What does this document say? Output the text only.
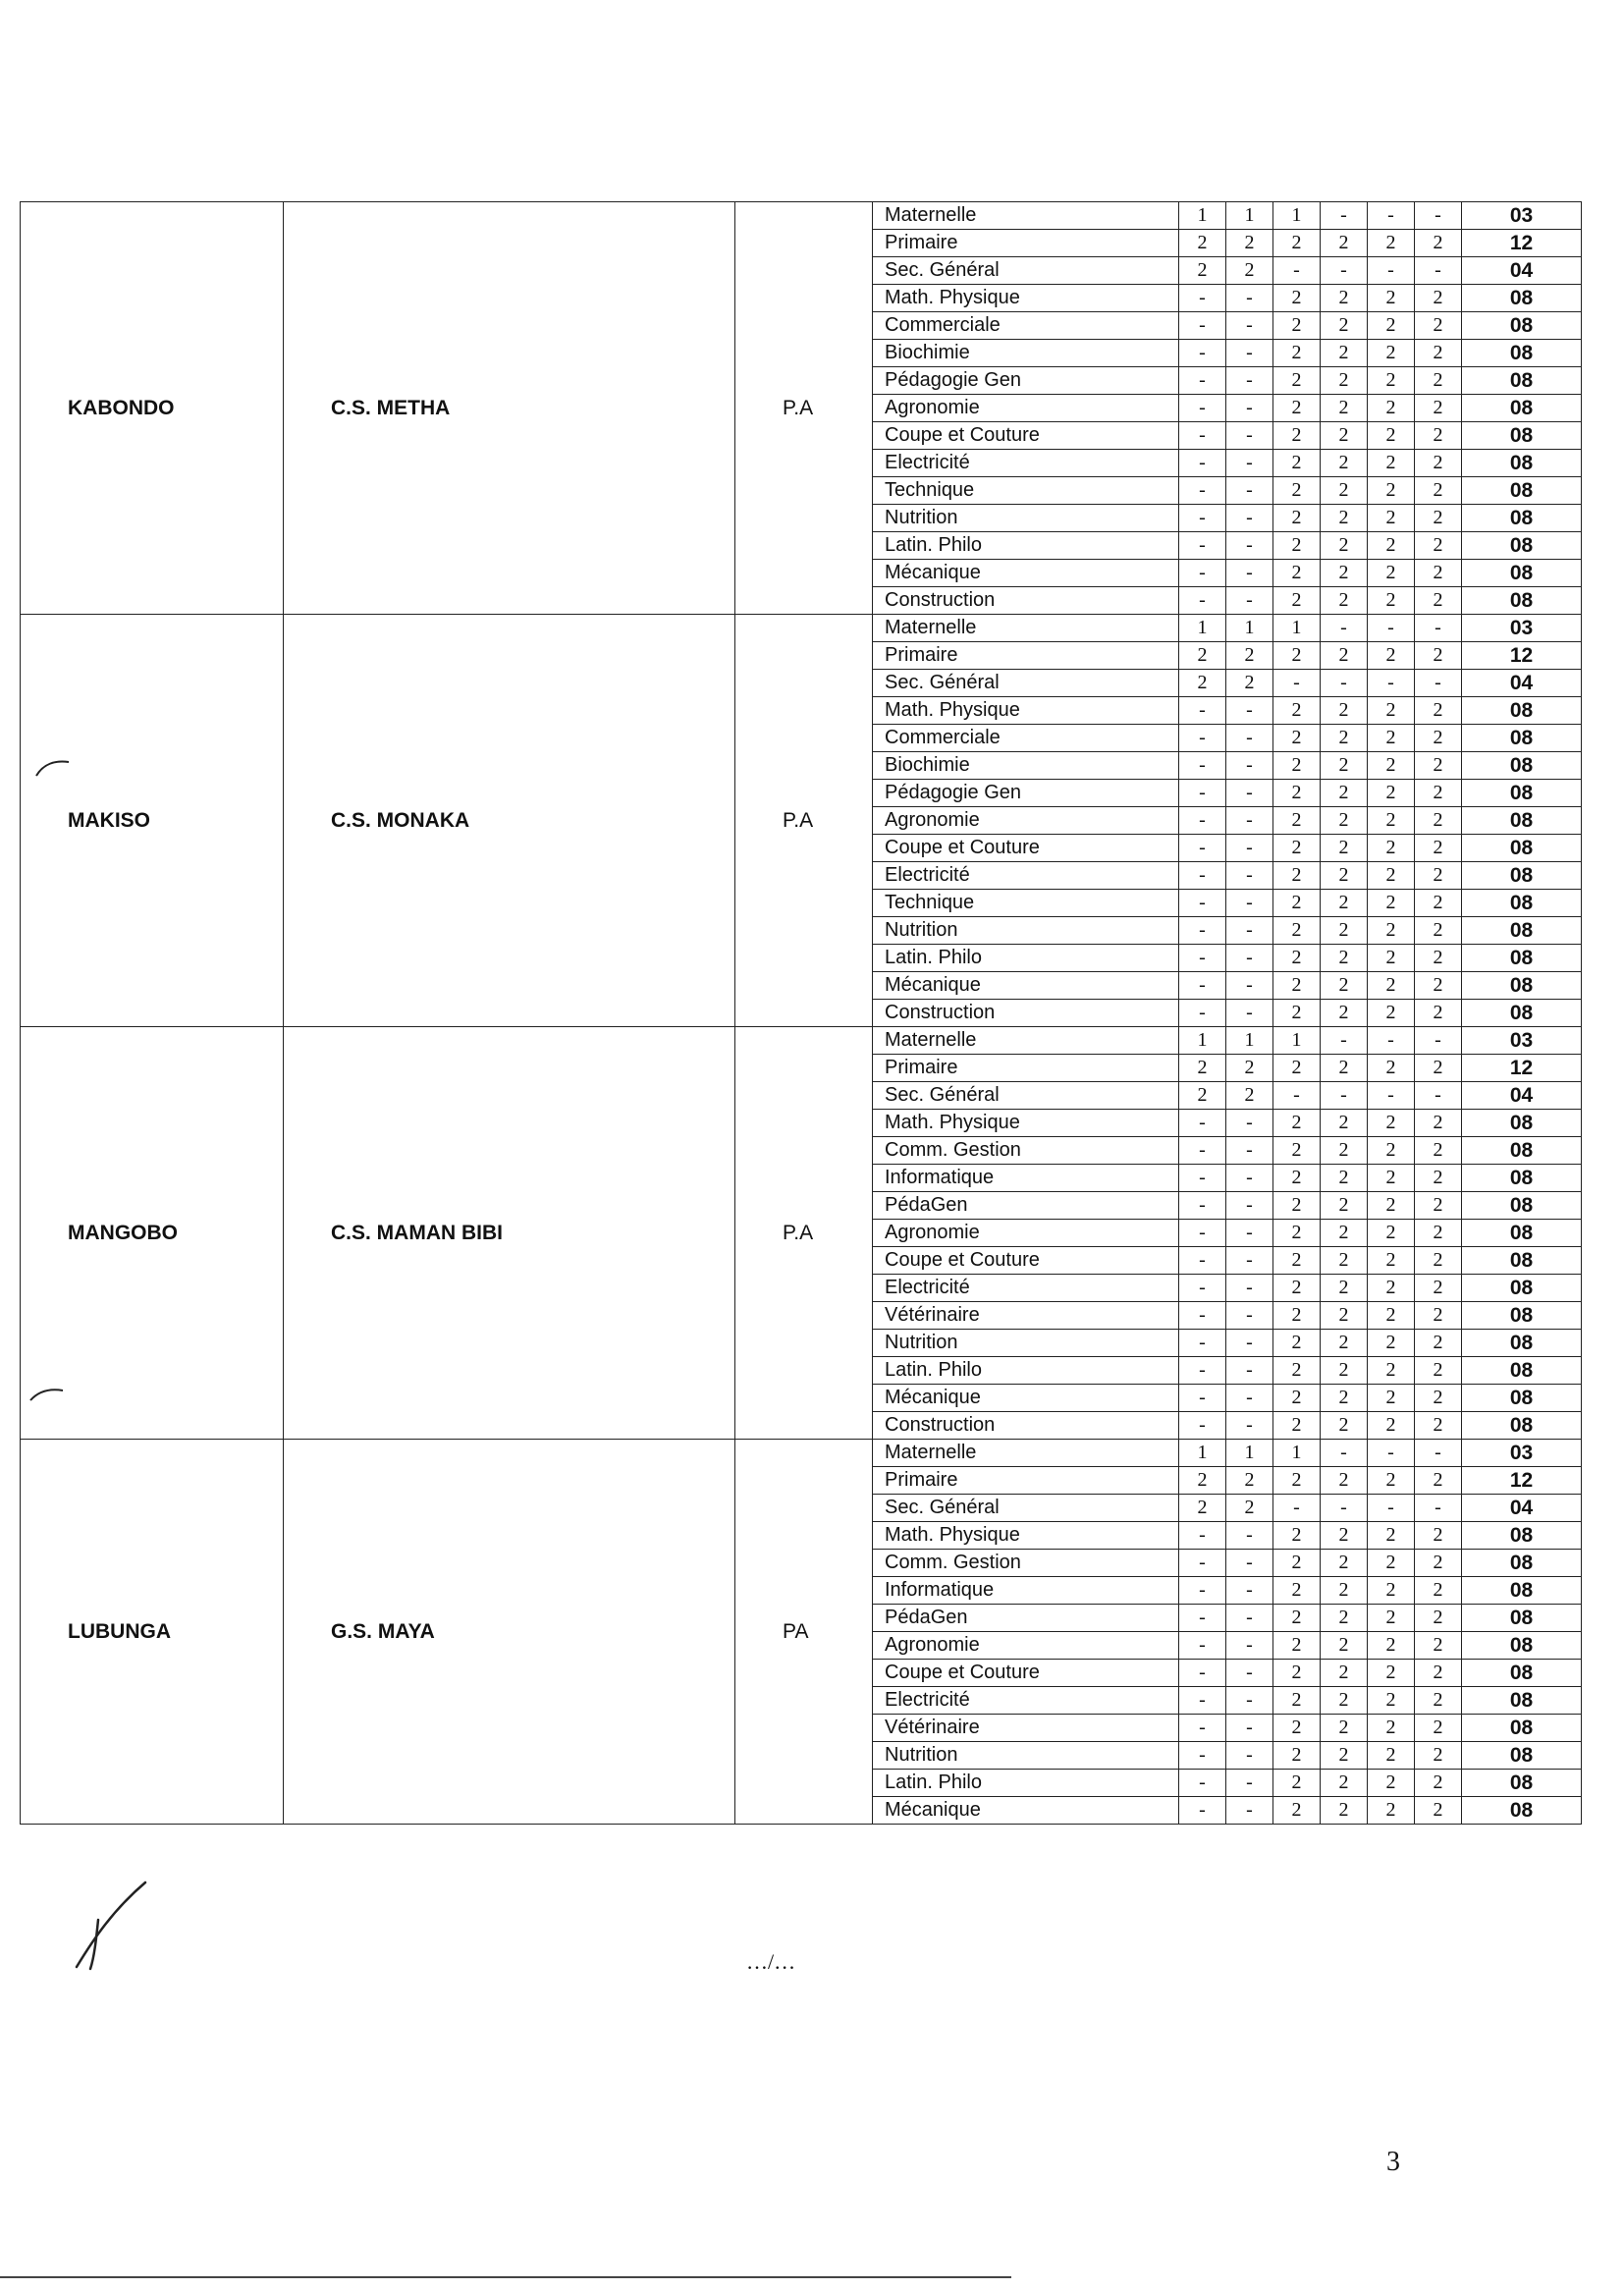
KABONDO	C.S. METHA	P.A	Maternelle	1	1	1	-	-	-	03
			Primaire	2	2	2	2	2	2	12
			Sec. Général	2	2	-	-	-	-	04
			Math. Physique	-	-	2	2	2	2	08
			Commerciale	-	-	2	2	2	2	08
			Biochimie	-	-	2	2	2	2	08
			Pédagogie Gen	-	-	2	2	2	2	08
			Agronomie	-	-	2	2	2	2	08
			Coupe et Couture	-	-	2	2	2	2	08
			Electricité	-	-	2	2	2	2	08
			Technique	-	-	2	2	2	2	08
			Nutrition	-	-	2	2	2	2	08
			Latin. Philo	-	-	2	2	2	2	08
			Mécanique	-	-	2	2	2	2	08
			Construction	-	-	2	2	2	2	08
MAKISO	C.S. MONAKA	P.A	Maternelle	1	1	1	-	-	-	03
			Primaire	2	2	2	2	2	2	12
			Sec. Général	2	2	-	-	-	-	04
			Math. Physique	-	-	2	2	2	2	08
			Commerciale	-	-	2	2	2	2	08
			Biochimie	-	-	2	2	2	2	08
			Pédagogie Gen	-	-	2	2	2	2	08
			Agronomie	-	-	2	2	2	2	08
			Coupe et Couture	-	-	2	2	2	2	08
			Electricité	-	-	2	2	2	2	08
			Technique	-	-	2	2	2	2	08
			Nutrition	-	-	2	2	2	2	08
			Latin. Philo	-	-	2	2	2	2	08
			Mécanique	-	-	2	2	2	2	08
			Construction	-	-	2	2	2	2	08
MANGOBO	C.S. MAMAN BIBI	P.A	Maternelle	1	1	1	-	-	-	03
			Primaire	2	2	2	2	2	2	12
			Sec. Général	2	2	-	-	-	-	04
			Math. Physique	-	-	2	2	2	2	08
			Comm. Gestion	-	-	2	2	2	2	08
			Informatique	-	-	2	2	2	2	08
			PédaGen	-	-	2	2	2	2	08
			Agronomie	-	-	2	2	2	2	08
			Coupe et Couture	-	-	2	2	2	2	08
			Electricité	-	-	2	2	2	2	08
			Vétérinaire	-	-	2	2	2	2	08
			Nutrition	-	-	2	2	2	2	08
			Latin. Philo	-	-	2	2	2	2	08
			Mécanique	-	-	2	2	2	2	08
			Construction	-	-	2	2	2	2	08
LUBUNGA	G.S. MAYA	PA	Maternelle	1	1	1	-	-	-	03
			Primaire	2	2	2	2	2	2	12
			Sec. Général	2	2	-	-	-	-	04
			Math. Physique	-	-	2	2	2	2	08
			Comm. Gestion	-	-	2	2	2	2	08
			Informatique	-	-	2	2	2	2	08
			PédaGen	-	-	2	2	2	2	08
			Agronomie	-	-	2	2	2	2	08
			Coupe et Couture	-	-	2	2	2	2	08
			Electricité	-	-	2	2	2	2	08
			Vétérinaire	-	-	2	2	2	2	08
			Nutrition	-	-	2	2	2	2	08
			Latin. Philo	-	-	2	2	2	2	08
			Mécanique	-	-	2	2	2	2	08
…/…
3
